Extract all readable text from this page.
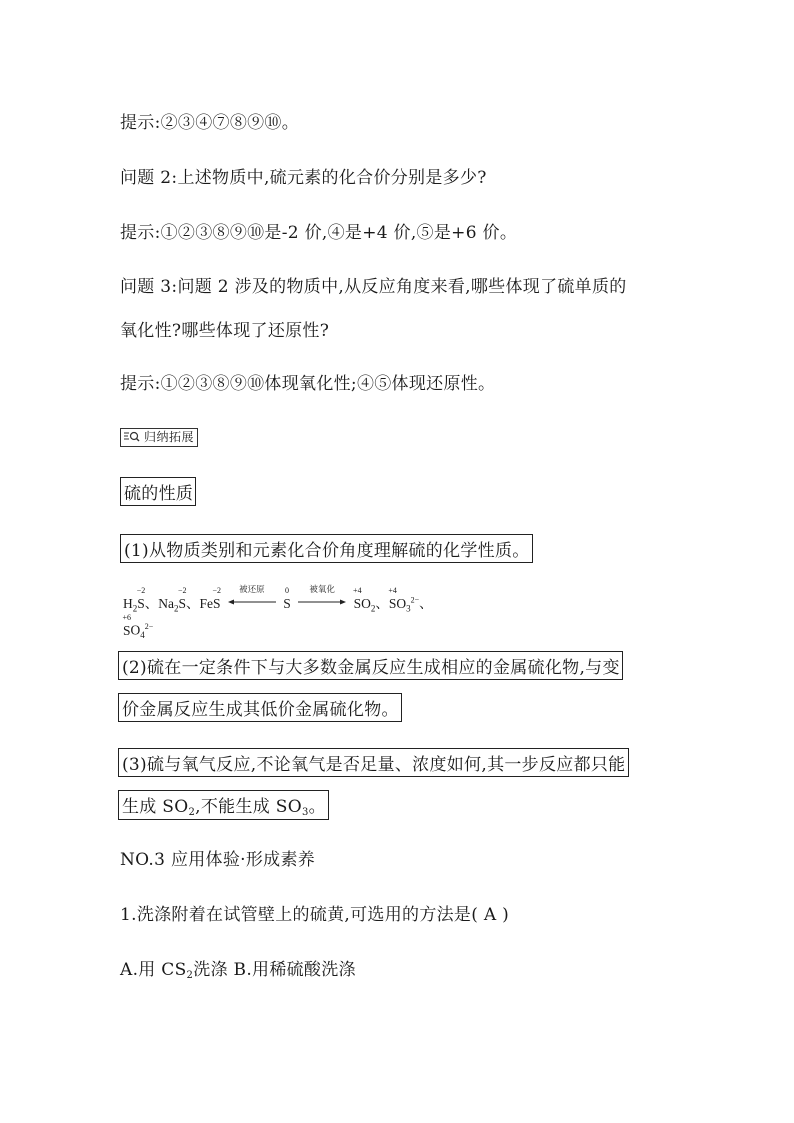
提示:②③④⑦⑧⑨⑩。
问题 2:上述物质中,硫元素的化合价分别是多少?
提示:①②③⑧⑨⑩是-2 价,④是+4 价,⑤是+6 价。
问题 3:问题 2 涉及的物质中,从反应角度来看,哪些体现了硫单质的
氧化性?哪些体现了还原性?
提示:①②③⑧⑨⑩体现氧化性;④⑤体现还原性。
归纳拓展
硫的性质
(1)从物质类别和元素化合价角度理解硫的化学性质。
$H_2$
−2
S、$Na_2$
−2
S、Fe
−2
S
被还原
	0
S
被氧化
	+4
$SO_2$、
+4
$SO_3^{2-}$、
+6
$SO_4^{2-}$
(2)硫在一定条件下与大多数金属反应生成相应的金属硫化物,与变
价金属反应生成其低价金属硫化物。
(3)硫与氧气反应,不论氧气是否足量、浓度如何,其一步反应都只能
生成 $SO_2$,不能生成 $SO_3$。
NO.3 应用体验·形成素养
1.洗涤附着在试管壁上的硫黄,可选用的方法是( A )
A.用 $CS_2$洗涤 B.用稀硫酸洗涤
